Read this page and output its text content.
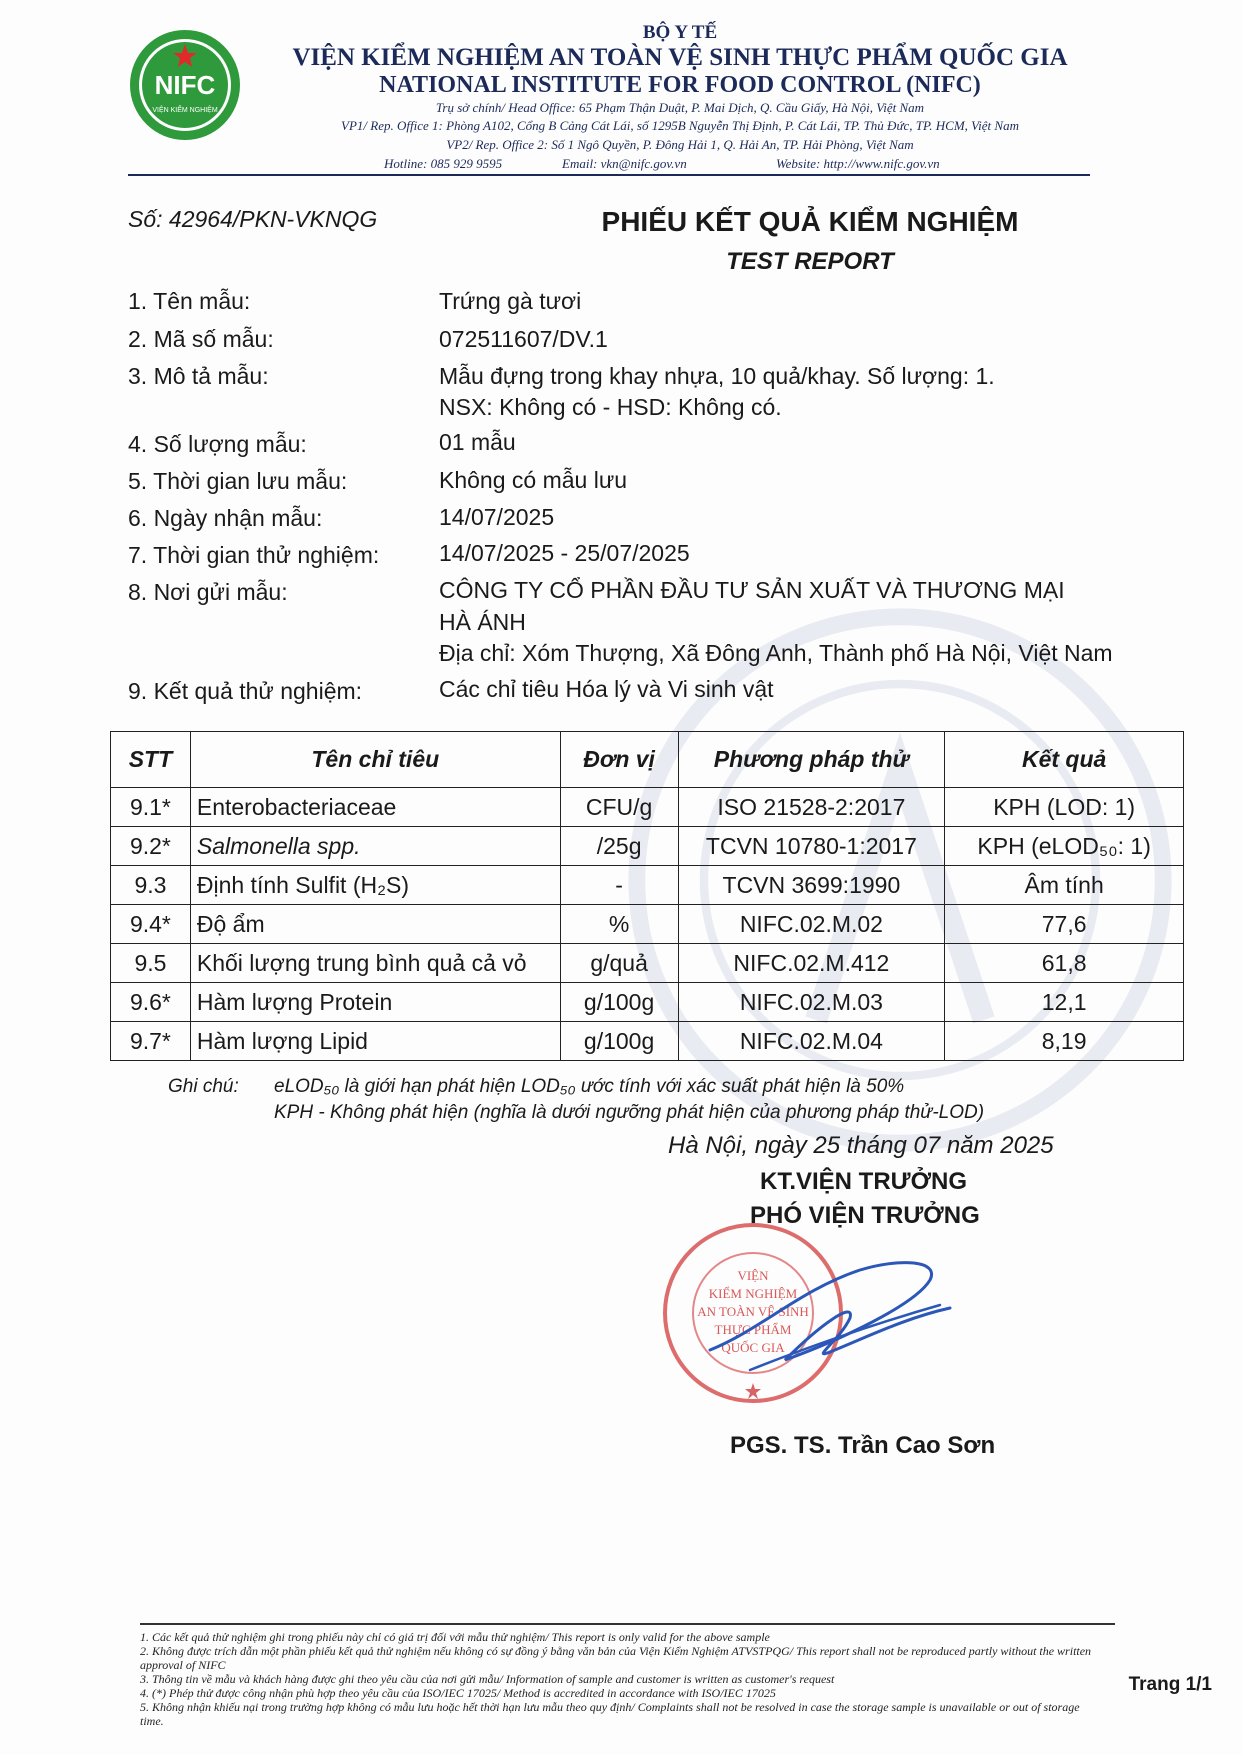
NIFC
VIỆN KIỂM NGHIỆM
BỘ Y TẾ
VIỆN KIỂM NGHIỆM AN TOÀN VỆ SINH THỰC PHẨM QUỐC GIA
NATIONAL INSTITUTE FOR FOOD CONTROL (NIFC)
Trụ sở chính/ Head Office: 65 Phạm Thận Duật, P. Mai Dịch, Q. Cầu Giấy, Hà Nội, Việt Nam
VP1/ Rep. Office 1: Phòng A102, Cổng B Cảng Cát Lái, số 1295B Nguyễn Thị Định, P. Cát Lái, TP. Thủ Đức, TP. HCM, Việt Nam
VP2/ Rep. Office 2: Số 1 Ngô Quyền, P. Đông Hải 1, Q. Hải An, TP. Hải Phòng, Việt Nam
Hotline: 085 929 9595	Email: vkn@nifc.gov.vn	Website: http://www.nifc.gov.vn
Số: 42964/PKN-VKNQG	PHIẾU KẾT QUẢ KIỂM NGHIỆM
TEST REPORT
1. Tên mẫu:	Trứng gà tươi
2. Mã số mẫu:	072511607/DV.1
3. Mô tả mẫu:	Mẫu đựng trong khay nhựa, 10 quả/khay. Số lượng: 1.
NSX: Không có - HSD: Không có.
4. Số lượng mẫu:	01 mẫu
5. Thời gian lưu mẫu:	Không có mẫu lưu
6. Ngày nhận mẫu:	14/07/2025
7. Thời gian thử nghiệm:	14/07/2025 - 25/07/2025
8. Nơi gửi mẫu:	CÔNG TY CỔ PHẦN ĐẦU TƯ SẢN XUẤT VÀ THƯƠNG MẠI
HÀ ÁNH
Địa chỉ: Xóm Thượng, Xã Đông Anh, Thành phố Hà Nội, Việt Nam
9. Kết quả thử nghiệm:	Các chỉ tiêu Hóa lý và Vi sinh vật
STT	Tên chỉ tiêu	Đơn vị	Phương pháp thử	Kết quả
9.1*	Enterobacteriaceae	CFU/g	ISO 21528-2:2017	KPH (LOD: 1)
9.2*	Salmonella spp.	/25g	TCVN 10780-1:2017	KPH (eLOD₅₀: 1)
9.3	Định tính Sulfit (H₂S)	-	TCVN 3699:1990	Âm tính
9.4*	Độ ẩm	%	NIFC.02.M.02	77,6
9.5	Khối lượng trung bình quả cả vỏ	g/quả	NIFC.02.M.412	61,8
9.6*	Hàm lượng Protein	g/100g	NIFC.02.M.03	12,1
9.7*	Hàm lượng Lipid	g/100g	NIFC.02.M.04	8,19
Ghi chú: eLOD₅₀ là giới hạn phát hiện LOD₅₀ ước tính với xác suất phát hiện là 50%
KPH - Không phát hiện (nghĩa là dưới ngưỡng phát hiện của phương pháp thử-LOD)
Hà Nội, ngày 25 tháng 07 năm 2025
KT.VIỆN TRƯỞNG
PHÓ VIỆN TRƯỞNG
VIỆN
KIỂM NGHIỆM
AN TOÀN VỆ SINH
THỰC PHẨM
QUỐC GIA
PGS. TS. Trần Cao Sơn
1. Các kết quả thử nghiệm ghi trong phiếu này chỉ có giá trị đối với mẫu thử nghiệm/ This report is only valid for the above sample
2. Không được trích dẫn một phần phiếu kết quả thử nghiệm nếu không có sự đồng ý bằng văn bản của Viện Kiểm Nghiệm ATVSTPQG/ This report shall not be reproduced partly without the written approval of NIFC
3. Thông tin về mẫu và khách hàng được ghi theo yêu cầu của nơi gửi mẫu/ Information of sample and customer is written as customer's request
4. (*) Phép thử được công nhận phù hợp theo yêu cầu của ISO/IEC 17025/ Method is accredited in accordance with ISO/IEC 17025
5. Không nhận khiếu nại trong trường hợp không có mẫu lưu hoặc hết thời hạn lưu mẫu theo quy định/ Complaints shall not be resolved in case the storage sample is unavailable or out of storage time.
Trang 1/1
